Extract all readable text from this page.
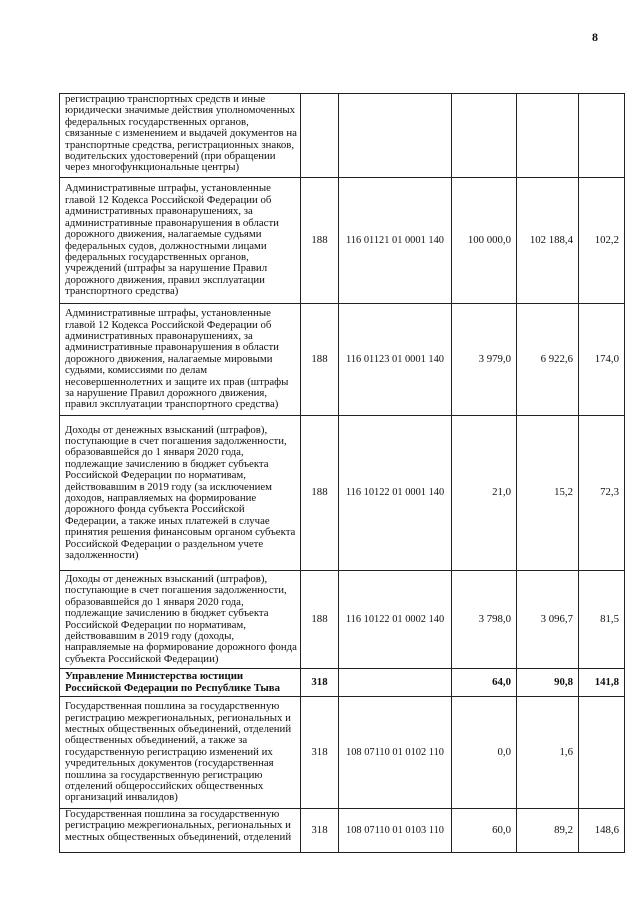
8
регистрацию транспортных средств и иные юридически значимые действия уполномоченных федеральных государственных органов, связанные с изменением и выдачей документов на транспортные средства, регистрационных знаков, водительских удостоверений (при обращении через многофункциональные центры)					
Административные штрафы, установленные главой 12 Кодекса Российской Федерации об административных правонарушениях, за административные правонарушения в области дорожного движения, налагаемые судьями федеральных судов, должностными лицами федеральных государственных органов, учреждений (штрафы за нарушение Правил дорожного движения, правил эксплуатации транспортного средства)	188	116 01121 01 0001 140	100 000,0	102 188,4	102,2
Административные штрафы, установленные главой 12 Кодекса Российской Федерации об административных правонарушениях, за административные правонарушения в области дорожного движения, налагаемые мировыми судьями, комиссиями по делам несовершеннолетних и защите их прав (штрафы за нарушение Правил дорожного движения, правил эксплуатации транспортного средства)	188	116 01123 01 0001 140	3 979,0	6 922,6	174,0
Доходы от денежных взысканий (штрафов), поступающие в счет погашения задолженности, образовавшейся до 1 января 2020 года, подлежащие зачислению в бюджет субъекта Российской Федерации по нормативам, действовавшим в 2019 году (за исключением доходов, направляемых на формирование дорожного фонда субъекта Российской Федерации, а также иных платежей в случае принятия решения финансовым органом субъекта Российской Федерации о раздельном учете задолженности)	188	116 10122 01 0001 140	21,0	15,2	72,3
Доходы от денежных взысканий (штрафов), поступающие в счет погашения задолженности, образовавшейся до 1 января 2020 года, подлежащие зачислению в бюджет субъекта Российской Федерации по нормативам, действовавшим в 2019 году (доходы, направляемые на формирование дорожного фонда субъекта Российской Федерации)	188	116 10122 01 0002 140	3 798,0	3 096,7	81,5
Управление Министерства юстиции Российской Федерации по Республике Тыва	318		64,0	90,8	141,8
Государственная пошлина за государственную регистрацию межрегиональных, региональных и местных общественных объединений, отделений общественных объединений, а также за государственную регистрацию изменений их учредительных документов (государственная пошлина за государственную регистрацию отделений общероссийских общественных организаций инвалидов)	318	108 07110 01 0102 110	0,0	1,6	
Государственная пошлина за государственную регистрацию межрегиональных, региональных и местных общественных объединений, отделений	318	108 07110 01 0103 110	60,0	89,2	148,6
